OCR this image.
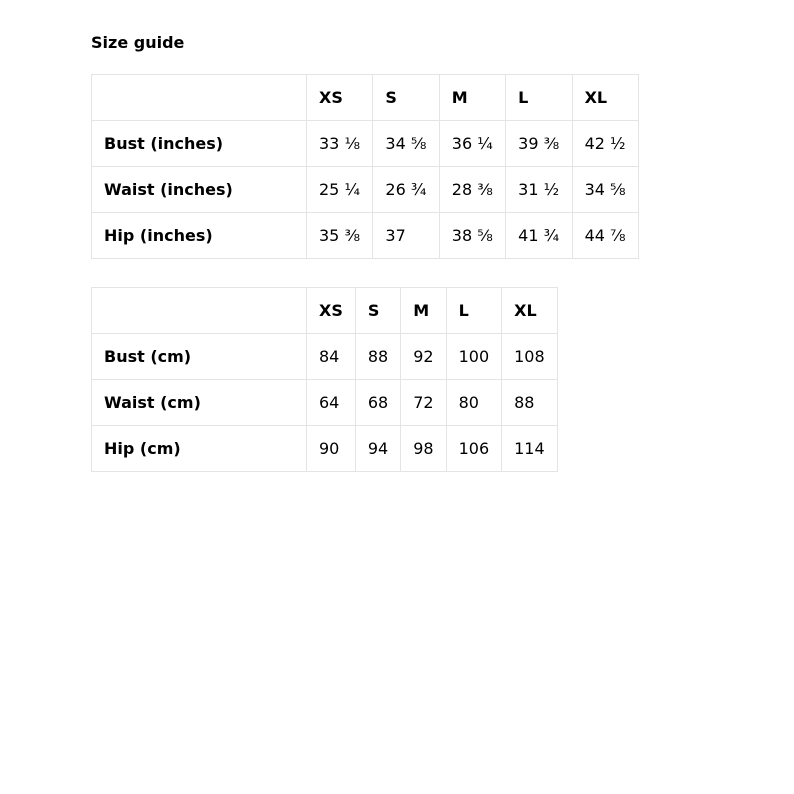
Size guide
	XS	S	M	L	XL
Bust (inches)	33 ⅛	34 ⅝	36 ¼	39 ⅜	42 ½
Waist (inches)	25 ¼	26 ¾	28 ⅜	31 ½	34 ⅝
Hip (inches)	35 ⅜	37	38 ⅝	41 ¾	44 ⅞
	XS	S	M	L	XL
Bust (cm)	84	88	92	100	108
Waist (cm)	64	68	72	80	88
Hip (cm)	90	94	98	106	114
